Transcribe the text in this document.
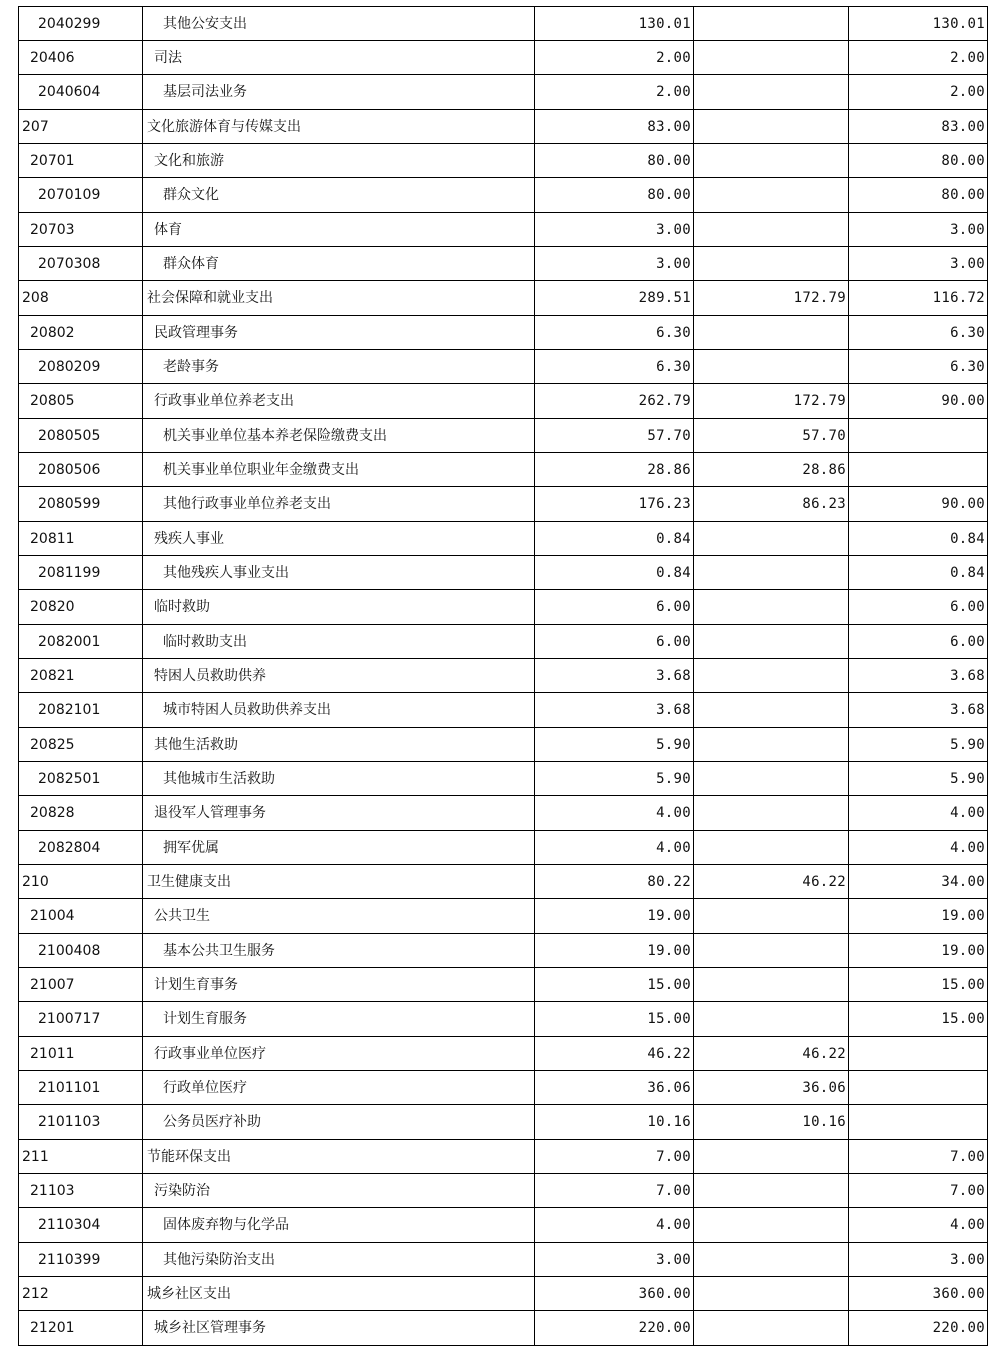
2040299	其他公安支出	130.01		130.01
20406	司法	2.00		2.00
2040604	基层司法业务	2.00		2.00
207	文化旅游体育与传媒支出	83.00		83.00
20701	文化和旅游	80.00		80.00
2070109	群众文化	80.00		80.00
20703	体育	3.00		3.00
2070308	群众体育	3.00		3.00
208	社会保障和就业支出	289.51	172.79	116.72
20802	民政管理事务	6.30		6.30
2080209	老龄事务	6.30		6.30
20805	行政事业单位养老支出	262.79	172.79	90.00
2080505	机关事业单位基本养老保险缴费支出	57.70	57.70	
2080506	机关事业单位职业年金缴费支出	28.86	28.86	
2080599	其他行政事业单位养老支出	176.23	86.23	90.00
20811	残疾人事业	0.84		0.84
2081199	其他残疾人事业支出	0.84		0.84
20820	临时救助	6.00		6.00
2082001	临时救助支出	6.00		6.00
20821	特困人员救助供养	3.68		3.68
2082101	城市特困人员救助供养支出	3.68		3.68
20825	其他生活救助	5.90		5.90
2082501	其他城市生活救助	5.90		5.90
20828	退役军人管理事务	4.00		4.00
2082804	拥军优属	4.00		4.00
210	卫生健康支出	80.22	46.22	34.00
21004	公共卫生	19.00		19.00
2100408	基本公共卫生服务	19.00		19.00
21007	计划生育事务	15.00		15.00
2100717	计划生育服务	15.00		15.00
21011	行政事业单位医疗	46.22	46.22	
2101101	行政单位医疗	36.06	36.06	
2101103	公务员医疗补助	10.16	10.16	
211	节能环保支出	7.00		7.00
21103	污染防治	7.00		7.00
2110304	固体废弃物与化学品	4.00		4.00
2110399	其他污染防治支出	3.00		3.00
212	城乡社区支出	360.00		360.00
21201	城乡社区管理事务	220.00		220.00
